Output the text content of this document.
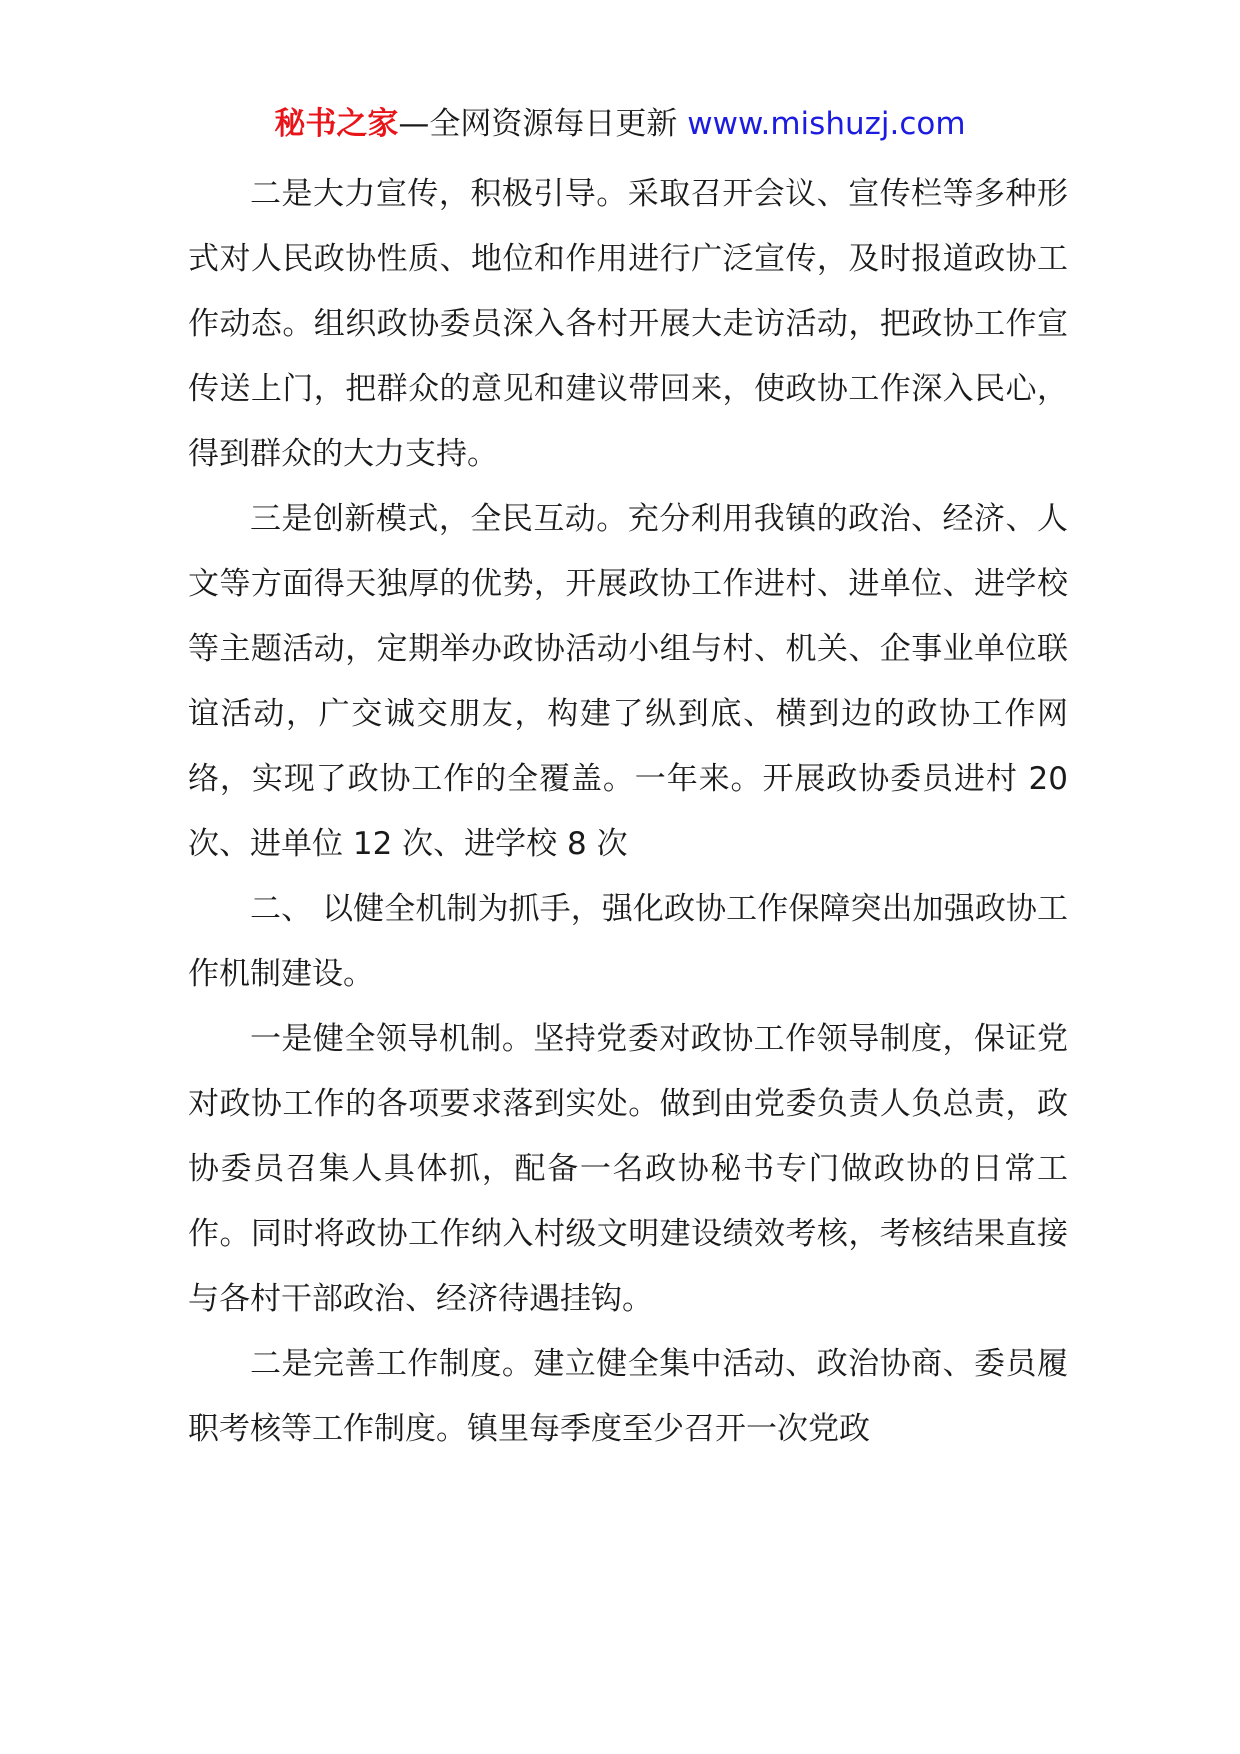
秘书之家—全网资源每日更新 www.mishuzj.com

二是大力宣传，积极引导。采取召开会议、宣传栏等多种形式对人民政协性质、地位和作用进行广泛宣传，及时报道政协工作动态。组织政协委员深入各村开展大走访活动，把政协工作宣传送上门，把群众的意见和建议带回来，使政协工作深入民心，得到群众的大力支持。

三是创新模式，全民互动。充分利用我镇的政治、经济、人文等方面得天独厚的优势，开展政协工作进村、进单位、进学校等主题活动，定期举办政协活动小组与村、机关、企事业单位联谊活动，广交诚交朋友，构建了纵到底、横到边的政协工作网络，实现了政协工作的全覆盖。一年来。开展政协委员进村 20 次、进单位 12 次、进学校 8 次

二、 以健全机制为抓手，强化政协工作保障突出加强政协工作机制建设。

一是健全领导机制。坚持党委对政协工作领导制度，保证党对政协工作的各项要求落到实处。做到由党委负责人负总责，政协委员召集人具体抓，配备一名政协秘书专门做政协的日常工作。同时将政协工作纳入村级文明建设绩效考核，考核结果直接与各村干部政治、经济待遇挂钩。

二是完善工作制度。建立健全集中活动、政治协商、委员履职考核等工作制度。镇里每季度至少召开一次党政
